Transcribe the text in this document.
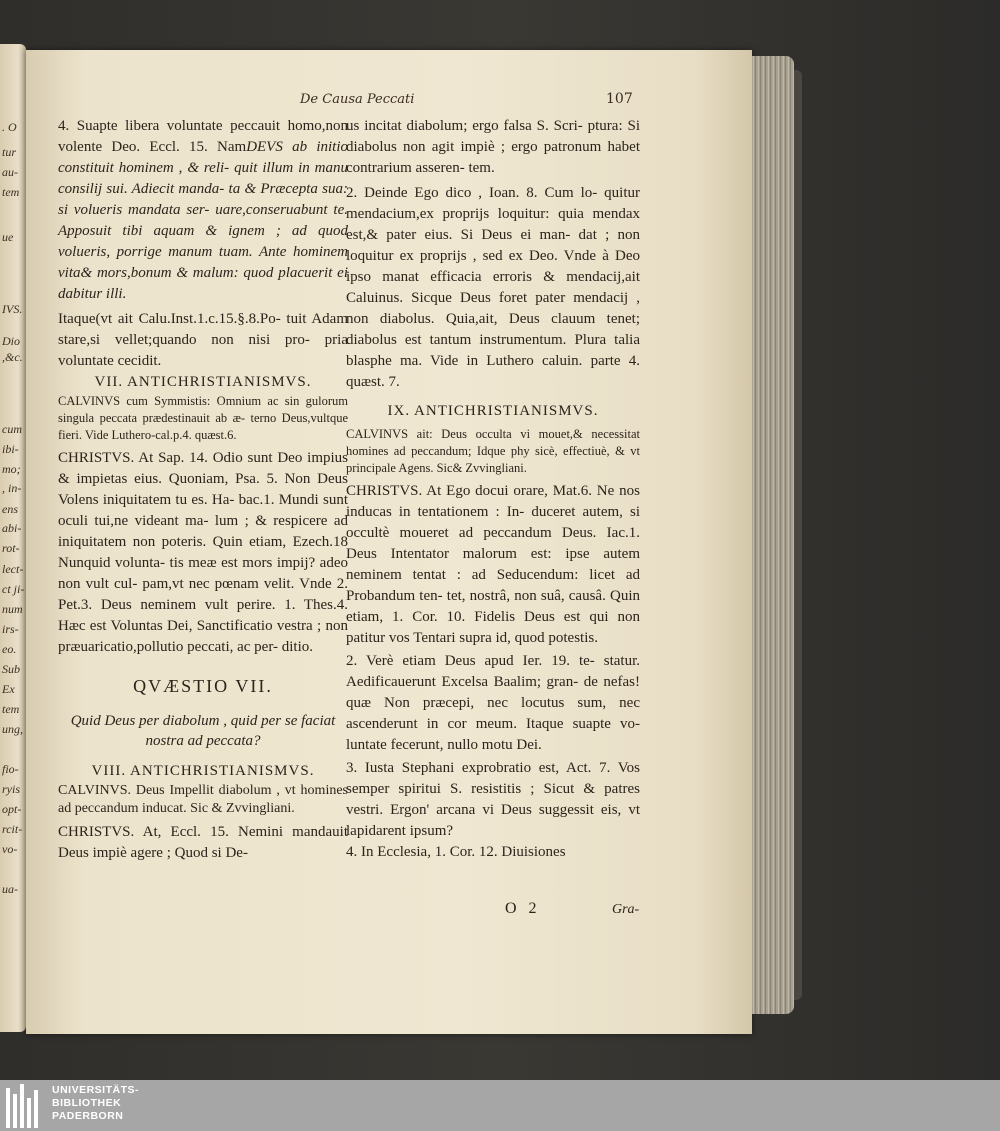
. O
tur
au-
tem
ue
IVS.
Dio
,&c.
cum
ibi-
mo;
, in-
ens
abi-
rot-
lect-
ct ji-
num
irs-
eo.
Sub
Ex
tem
ung,
fio-
ryis
opt-
rcit-
vo-
ua-
De Causa Peccati	107

4. Suapte libera voluntate peccauit homo,non volente Deo. Eccl. 15. NamDEVS ab initio constituit hominem , & reli- quit illum in manu consilij sui. Adiecit manda- ta & Præcepta sua: si volueris mandata ser- uare,conseruabunt te. Apposuit tibi aquam & ignem ; ad quod volueris, porrige manum tuam. Ante hominem vita& mors,bonum & malum: quod placuerit ei dabitur illi.

Itaque(vt ait Calu.Inst.1.c.15.§.8.Po- tuit Adam stare,si vellet;quando non nisi pro- pria voluntate cecidit.

VII. ANTICHRISTIANISMVS.

CALVINVS cum Symmistis: Omnium ac sin gulorum singula peccata prædestinauit ab æ- terno Deus,vultque fieri. Vide Luthero-cal.p.4. quæst.6.

CHRISTVS. At Sap. 14. Odio sunt Deo impius & impietas eius. Quoniam, Psa. 5. Non Deus Volens iniquitatem tu es. Ha- bac.1. Mundi sunt oculi tui,ne videant ma- lum ; & respicere ad iniquitatem non poteris. Quin etiam, Ezech.18 Nunquid volunta- tis meæ est mors impij? adeo non vult cul- pam,vt nec pœnam velit. Vnde 2. Pet.3. Deus neminem vult perire. 1. Thes.4. Hæc est Voluntas Dei, Sanctificatio vestra ; non præuaricatio,pollutio peccati, ac per- ditio.

QVÆSTIO VII.
Quid Deus per diabolum , quid per se faciat nostra ad peccata?
VIII. ANTICHRISTIANISMVS.

CALVINVS. Deus Impellit diabolum , vt homines ad peccandum inducat. Sic & Zvvingliani.

CHRISTVS. At, Eccl. 15. Nemini mandauit Deus impiè agere ; Quod si De-

us incitat diabolum; ergo falsa S. Scri- ptura: Si diabolus non agit impiè ; ergo patronum habet contrarium asseren- tem.

2. Deinde Ego dico , Ioan. 8. Cum lo- quitur mendacium,ex proprijs loquitur: quia mendax est,& pater eius. Si Deus ei man- dat ; non loquitur ex proprijs , sed ex Deo. Vnde à Deo ipso manat efficacia erroris & mendacij,ait Caluinus. Sicque Deus foret pater mendacij , non diabolus. Quia,ait, Deus clauum tenet; diabolus est tantum instrumentum. Plura talia blasphe ma. Vide in Luthero caluin. parte 4. quæst. 7.

IX. ANTICHRISTIANISMVS.

CALVINVS ait: Deus occulta vi mouet,& necessitat homines ad peccandum; Idque phy sicè, effectiuè, & vt principale Agens. Sic& Zvvingliani.

CHRISTVS. At Ego docui orare, Mat.6. Ne nos inducas in tentationem : In- duceret autem, si occultè moueret ad peccandum Deus. Iac.1. Deus Intentator malorum est: ipse autem neminem tentat : ad Seducendum: licet ad Probandum ten- tet, nostrâ, non suâ, causâ. Quin etiam, 1. Cor. 10. Fidelis Deus est qui non patitur vos Tentari supra id, quod potestis.

2. Verè etiam Deus apud Ier. 19. te- statur. Aedificauerunt Excelsa Baalim; gran- de nefas! quæ Non præcepi, nec locutus sum, nec ascenderunt in cor meum. Itaque suapte vo- luntate fecerunt, nullo motu Dei.

3. Iusta Stephani exprobratio est, Act. 7. Vos semper spiritui S. resistitis ; Sicut & patres vestri. Ergon' arcana vi Deus suggessit eis, vt lapidarent ipsum?

4. In Ecclesia, 1. Cor. 12. Diuisiones

O 2	Gra-
UNIVERSITÄTS-
BIBLIOTHEK
PADERBORN
